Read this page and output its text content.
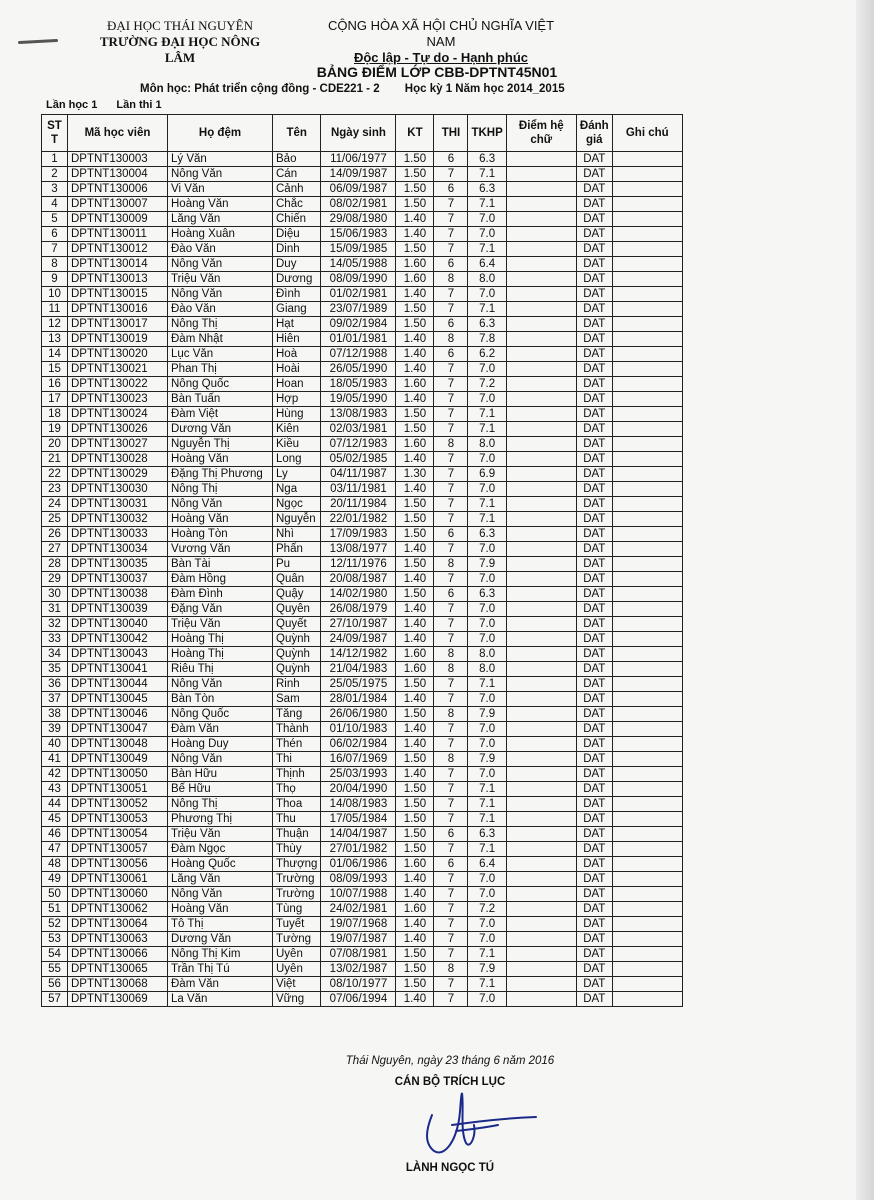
ĐẠI HỌC THÁI NGUYÊN
TRƯỜNG ĐẠI HỌC NÔNG LÂM
CỘNG HÒA XÃ HỘI CHỦ NGHĨA VIỆT NAM
Độc lập - Tự do - Hạnh phúc
BẢNG ĐIỂM LỚP CBB-DPTNT45N01
Môn học: Phát triển cộng đồng - CDE221 - 2 Học kỳ 1 Năm học 2014_2015
Lần học 1 Lần thi 1
ST T	Mã học viên	Họ đệm	Tên	Ngày sinh	KT	THI	TKHP	Điểm hệ chữ	Đánh giá	Ghi chú
1	DPTNT130003	Lý Văn	Bảo	11/06/1977	1.50	6	6.3		DAT	
2	DPTNT130004	Nông Văn	Cán	14/09/1987	1.50	7	7.1		DAT	
3	DPTNT130006	Vi Văn	Cảnh	06/09/1987	1.50	6	6.3		DAT	
4	DPTNT130007	Hoàng Văn	Chắc	08/02/1981	1.50	7	7.1		DAT	
5	DPTNT130009	Lăng Văn	Chiến	29/08/1980	1.40	7	7.0		DAT	
6	DPTNT130011	Hoàng Xuân	Diệu	15/06/1983	1.40	7	7.0		DAT	
7	DPTNT130012	Đào Văn	Dinh	15/09/1985	1.50	7	7.1		DAT	
8	DPTNT130014	Nông Văn	Duy	14/05/1988	1.60	6	6.4		DAT	
9	DPTNT130013	Triệu Văn	Dương	08/09/1990	1.60	8	8.0		DAT	
10	DPTNT130015	Nông Văn	Đình	01/02/1981	1.40	7	7.0		DAT	
11	DPTNT130016	Đào Văn	Giang	23/07/1989	1.50	7	7.1		DAT	
12	DPTNT130017	Nông Thị	Hạt	09/02/1984	1.50	6	6.3		DAT	
13	DPTNT130019	Đàm Nhật	Hiên	01/01/1981	1.40	8	7.8		DAT	
14	DPTNT130020	Lục Văn	Hoà	07/12/1988	1.40	6	6.2		DAT	
15	DPTNT130021	Phan Thị	Hoài	26/05/1990	1.40	7	7.0		DAT	
16	DPTNT130022	Nông Quốc	Hoan	18/05/1983	1.60	7	7.2		DAT	
17	DPTNT130023	Bàn Tuấn	Hợp	19/05/1990	1.40	7	7.0		DAT	
18	DPTNT130024	Đàm Việt	Hùng	13/08/1983	1.50	7	7.1		DAT	
19	DPTNT130026	Dương Văn	Kiên	02/03/1981	1.50	7	7.1		DAT	
20	DPTNT130027	Nguyễn Thị	Kiều	07/12/1983	1.60	8	8.0		DAT	
21	DPTNT130028	Hoàng Văn	Long	05/02/1985	1.40	7	7.0		DAT	
22	DPTNT130029	Đặng Thị Phương	Ly	04/11/1987	1.30	7	6.9		DAT	
23	DPTNT130030	Nông Thị	Nga	03/11/1981	1.40	7	7.0		DAT	
24	DPTNT130031	Nông Văn	Ngọc	20/11/1984	1.50	7	7.1		DAT	
25	DPTNT130032	Hoàng Văn	Nguyễn	22/01/1982	1.50	7	7.1		DAT	
26	DPTNT130033	Hoàng Tòn	Nhì	17/09/1983	1.50	6	6.3		DAT	
27	DPTNT130034	Vương Văn	Phấn	13/08/1977	1.40	7	7.0		DAT	
28	DPTNT130035	Bàn Tài	Pu	12/11/1976	1.50	8	7.9		DAT	
29	DPTNT130037	Đàm Hồng	Quân	20/08/1987	1.40	7	7.0		DAT	
30	DPTNT130038	Đàm Đình	Quậy	14/02/1980	1.50	6	6.3		DAT	
31	DPTNT130039	Đặng Văn	Quyên	26/08/1979	1.40	7	7.0		DAT	
32	DPTNT130040	Triệu Văn	Quyết	27/10/1987	1.40	7	7.0		DAT	
33	DPTNT130042	Hoàng Thị	Quỳnh	24/09/1987	1.40	7	7.0		DAT	
34	DPTNT130043	Hoàng Thị	Quỳnh	14/12/1982	1.60	8	8.0		DAT	
35	DPTNT130041	Riêu Thị	Quỳnh	21/04/1983	1.60	8	8.0		DAT	
36	DPTNT130044	Nông Văn	Rinh	25/05/1975	1.50	7	7.1		DAT	
37	DPTNT130045	Bàn Tòn	Sam	28/01/1984	1.40	7	7.0		DAT	
38	DPTNT130046	Nông Quốc	Tăng	26/06/1980	1.50	8	7.9		DAT	
39	DPTNT130047	Đàm Văn	Thành	01/10/1983	1.40	7	7.0		DAT	
40	DPTNT130048	Hoàng Duy	Thén	06/02/1984	1.40	7	7.0		DAT	
41	DPTNT130049	Nông Văn	Thi	16/07/1969	1.50	8	7.9		DAT	
42	DPTNT130050	Bàn Hữu	Thịnh	25/03/1993	1.40	7	7.0		DAT	
43	DPTNT130051	Bế Hữu	Thọ	20/04/1990	1.50	7	7.1		DAT	
44	DPTNT130052	Nông Thị	Thoa	14/08/1983	1.50	7	7.1		DAT	
45	DPTNT130053	Phương Thị	Thu	17/05/1984	1.50	7	7.1		DAT	
46	DPTNT130054	Triệu Văn	Thuận	14/04/1987	1.50	6	6.3		DAT	
47	DPTNT130057	Đàm Ngọc	Thùy	27/01/1982	1.50	7	7.1		DAT	
48	DPTNT130056	Hoàng Quốc	Thượng	01/06/1986	1.60	6	6.4		DAT	
49	DPTNT130061	Lăng Văn	Trường	08/09/1993	1.40	7	7.0		DAT	
50	DPTNT130060	Nông Văn	Trường	10/07/1988	1.40	7	7.0		DAT	
51	DPTNT130062	Hoàng Văn	Tùng	24/02/1981	1.60	7	7.2		DAT	
52	DPTNT130064	Tô Thị	Tuyết	19/07/1968	1.40	7	7.0		DAT	
53	DPTNT130063	Dương Văn	Tường	19/07/1987	1.40	7	7.0		DAT	
54	DPTNT130066	Nông Thị Kim	Uyên	07/08/1981	1.50	7	7.1		DAT	
55	DPTNT130065	Trần Thị Tú	Uyên	13/02/1987	1.50	8	7.9		DAT	
56	DPTNT130068	Đàm Văn	Việt	08/10/1977	1.50	7	7.1		DAT	
57	DPTNT130069	La Văn	Vững	07/06/1994	1.40	7	7.0		DAT	
Thái Nguyên, ngày 23 tháng 6 năm 2016
CÁN BỘ TRÍCH LỤC
LÀNH NGỌC TÚ
